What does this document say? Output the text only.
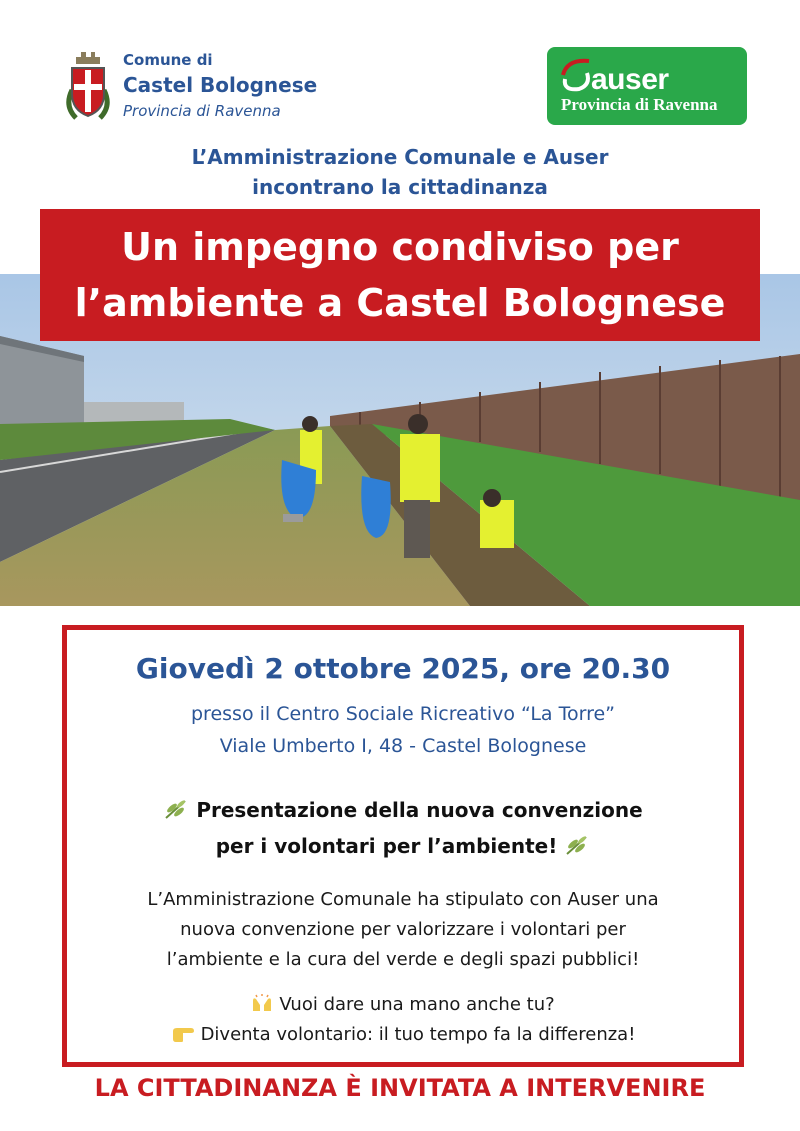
Comune di
Castel Bolognese
Provincia di Ravenna
auser
Provincia di Ravenna
L’Amministrazione Comunale e Auser
incontrano la cittadinanza
Un impegno condiviso per
l’ambiente a Castel Bolognese
Giovedì 2 ottobre 2025, ore 20.30
presso il Centro Sociale Ricreativo “La Torre”
Viale Umberto I, 48 - Castel Bolognese
Presentazione della nuova convenzione
per i volontari per l’ambiente!
L’Amministrazione Comunale ha stipulato con Auser una
nuova convenzione per valorizzare i volontari per
l’ambiente e la cura del verde e degli spazi pubblici!
Vuoi dare una mano anche tu?
Diventa volontario: il tuo tempo fa la differenza!
LA CITTADINANZA È INVITATA A INTERVENIRE
